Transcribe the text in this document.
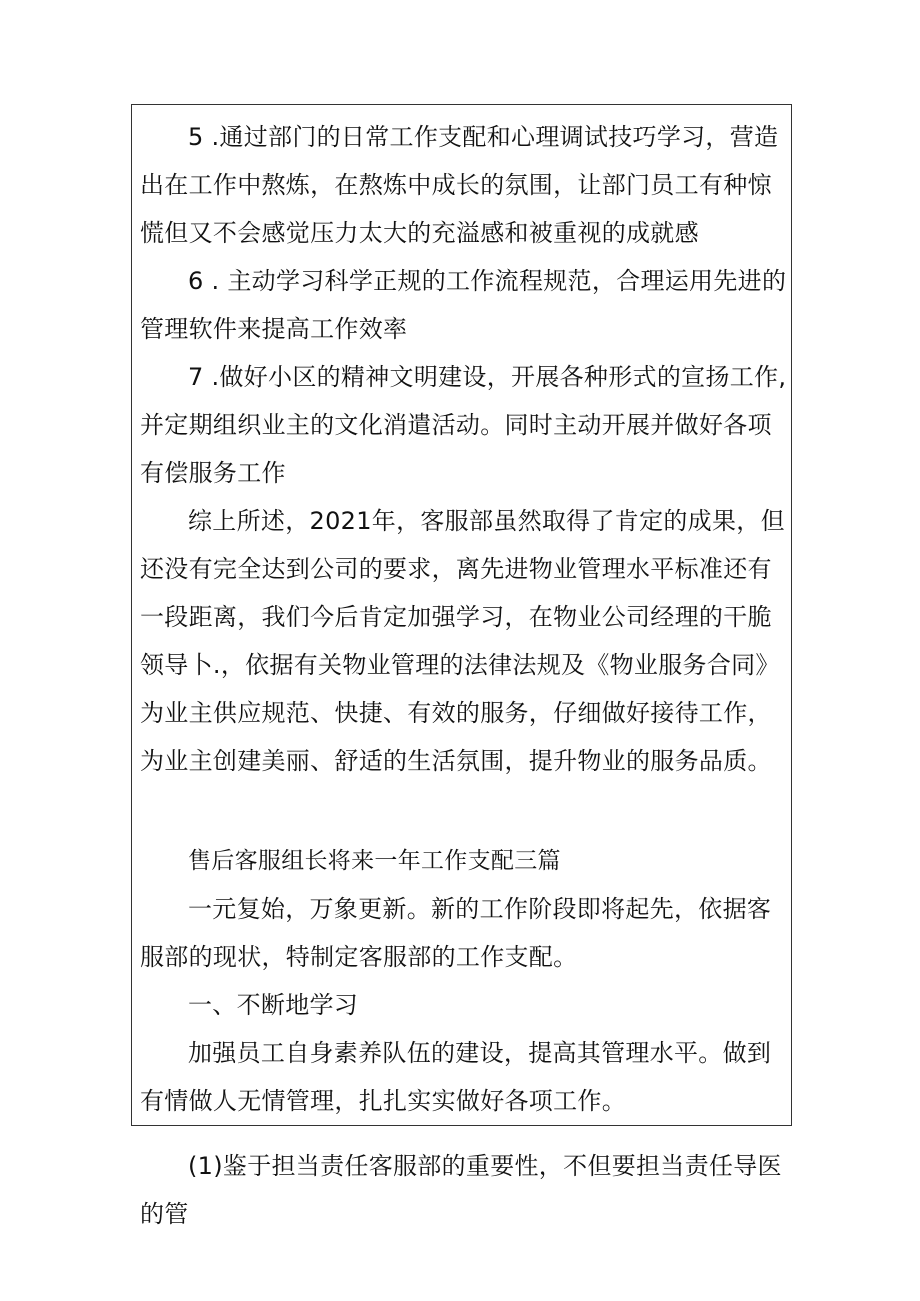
5 .通过部门的日常工作支配和心理调试技巧学习，营造出在工作中熬炼，在熬炼中成长的氛围，让部门员工有种惊慌但又不会感觉压力太大的充溢感和被重视的成就感

6 . 主动学习科学正规的工作流程规范，合理运用先进的管理软件来提高工作效率

7 .做好小区的精神文明建设，开展各种形式的宣扬工作,并定期组织业主的文化消遣活动。同时主动开展并做好各项有偿服务工作

综上所述，2021年，客服部虽然取得了肯定的成果，但还没有完全达到公司的要求，离先进物业管理水平标准还有一段距离，我们今后肯定加强学习，在物业公司经理的干脆领导卜.，依据有关物业管理的法律法规及《物业服务合同》为业主供应规范、快捷、有效的服务，仔细做好接待工作，为业主创建美丽、舒适的生活氛围，提升物业的服务品质。

售后客服组长将来一年工作支配三篇

一元复始，万象更新。新的工作阶段即将起先，依据客服部的现状，特制定客服部的工作支配。

一、不断地学习

加强员工自身素养队伍的建设，提高其管理水平。做到有情做人无情管理，扎扎实实做好各项工作。

(1)鉴于担当责任客服部的重要性，不但要担当责任导医的管
